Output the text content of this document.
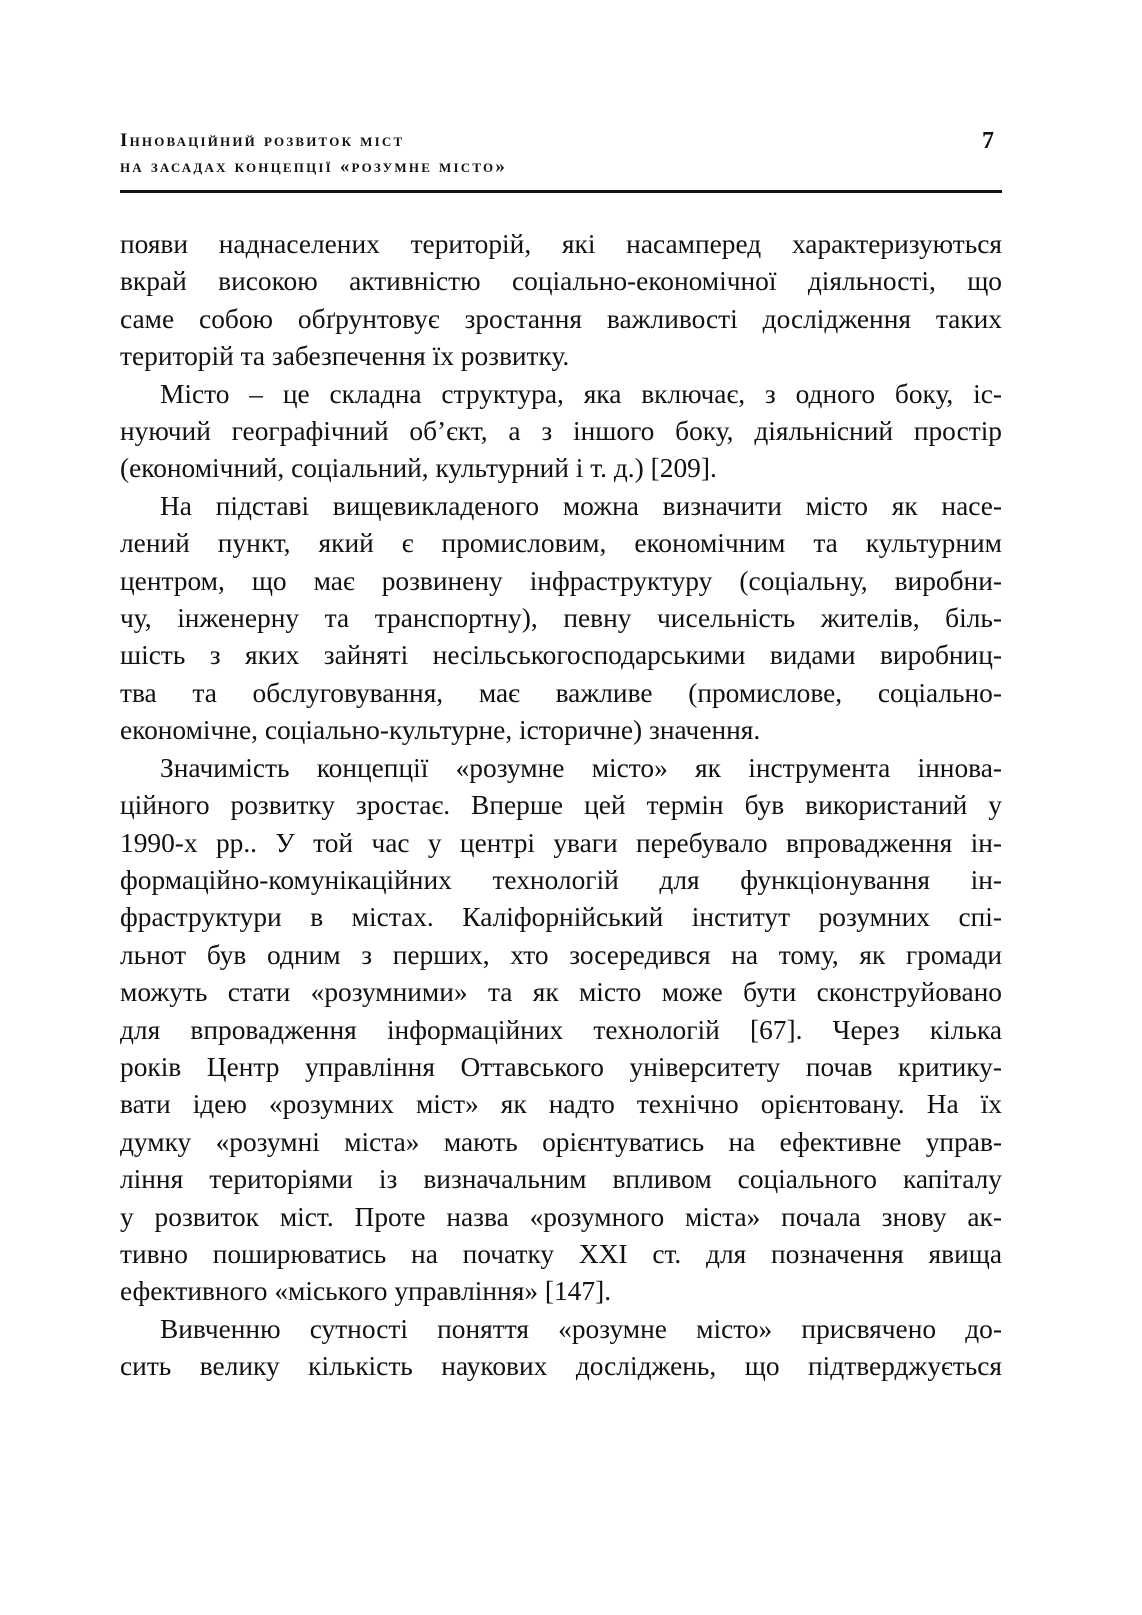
Інноваційний розвиток міст
на засадах концепції «розумне місто»
7
появи наднаселених територій, які насамперед характеризуються
вкрай високою активністю соціально-економічної діяльності, що
саме собою обґрунтовує зростання важливості дослідження таких
територій та забезпечення їх розвитку.
Місто – це складна структура, яка включає, з одного боку, іс-
нуючий географічний об’єкт, а з іншого боку, діяльнісний простір
(економічний, соціальний, культурний і т. д.) [209].
На підставі вищевикладеного можна визначити місто як насе-
лений пункт, який є промисловим, економічним та культурним
центром, що має розвинену інфраструктуру (соціальну, виробни-
чу, інженерну та транспортну), певну чисельність жителів, біль-
шість з яких зайняті несільськогосподарськими видами виробниц-
тва та обслуговування, має важливе (промислове, соціально-
економічне, соціально-культурне, історичне) значення.
Значимість концепції «розумне місто» як інструмента іннова-
ційного розвитку зростає. Вперше цей термін був використаний у
1990-х рр.. У той час у центрі уваги перебувало впровадження ін-
формаційно-комунікаційних технологій для функціонування ін-
фраструктури в містах. Каліфорнійський інститут розумних спі-
льнот був одним з перших, хто зосередився на тому, як громади
можуть стати «розумними» та як місто може бути сконструйовано
для впровадження інформаційних технологій [67]. Через кілька
років Центр управління Оттавського університету почав критику-
вати ідею «розумних міст» як надто технічно орієнтовану. На їх
думку «розумні міста» мають орієнтуватись на ефективне управ-
ління територіями із визначальним впливом соціального капіталу
у розвиток міст. Проте назва «розумного міста» почала знову ак-
тивно поширюватись на початку XXI ст. для позначення явища
ефективного «міського управління» [147].
Вивченню сутності поняття «розумне місто» присвячено до-
сить велику кількість наукових досліджень, що підтверджується
